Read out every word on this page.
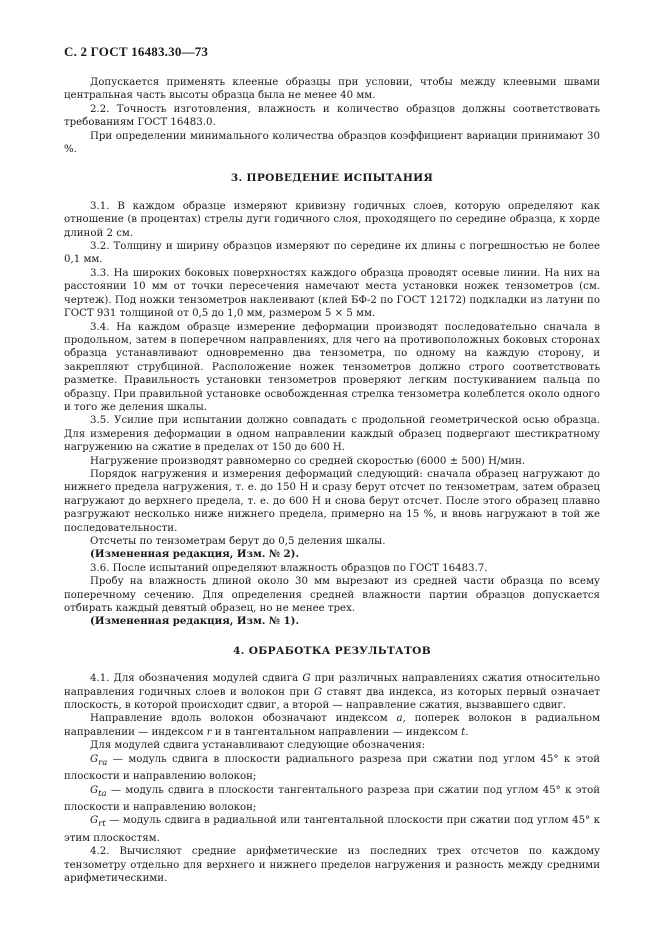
С. 2 ГОСТ 16483.30—73

Допускается применять клееные образцы при условии, чтобы между клеевыми швами центральная часть высоты образца была не менее 40 мм.

2.2. Точность изготовления, влажность и количество образцов должны соответствовать требованиям ГОСТ 16483.0.

При определении минимального количества образцов коэффициент вариации принимают 30 %.

3. ПРОВЕДЕНИЕ ИСПЫТАНИЯ

3.1. В каждом образце измеряют кривизну годичных слоев, которую определяют как отношение (в процентах) стрелы дуги годичного слоя, проходящего по середине образца, к хорде длиной 2 см.

3.2. Толщину и ширину образцов измеряют по середине их длины с погрешностью не более 0,1 мм.

3.3. На широких боковых поверхностях каждого образца проводят осевые линии. На них на расстоянии 10 мм от точки пересечения намечают места установки ножек тензометров (см. чертеж). Под ножки тензометров наклеивают (клей БФ-2 по ГОСТ 12172) подкладки из латуни по ГОСТ 931 толщиной от 0,5 до 1,0 мм, размером 5 × 5 мм.

3.4. На каждом образце измерение деформации производят последовательно сначала в продольном, затем в поперечном направлениях, для чего на противоположных боковых сторонах образца устанавливают одновременно два тензометра, по одному на каждую сторону, и закрепляют струбциной. Расположение ножек тензометров должно строго соответствовать разметке. Правильность установки тензометров проверяют легким постукиванием пальца по образцу. При правильной установке освобожденная стрелка тензометра колеблется около одного и того же деления шкалы.

3.5. Усилие при испытании должно совпадать с продольной геометрической осью образца. Для измерения деформации в одном направлении каждый образец подвергают шестикратному нагружению на сжатие в пределах от 150 до 600 Н.

Нагружение производят равномерно со средней скоростью (6000 ± 500) Н/мин.

Порядок нагружения и измерения деформаций следующий: сначала образец нагружают до нижнего предела нагружения, т. е. до 150 Н и сразу берут отсчет по тензометрам, затем образец нагружают до верхнего предела, т. е. до 600 Н и снова берут отсчет. После этого образец плавно разгружают несколько ниже нижнего предела, примерно на 15 %, и вновь нагружают в той же последовательности.

Отсчеты по тензометрам берут до 0,5 деления шкалы.

(Измененная редакция, Изм. № 2).

3.6. После испытаний определяют влажность образцов по ГОСТ 16483.7.

Пробу на влажность длиной около 30 мм вырезают из средней части образца по всему поперечному сечению. Для определения средней влажности партии образцов допускается отбирать каждый девятый образец, но не менее трех.

(Измененная редакция, Изм. № 1).

4. ОБРАБОТКА РЕЗУЛЬТАТОВ

4.1. Для обозначения модулей сдвига G при различных направлениях сжатия относительно направления годичных слоев и волокон при G ставят два индекса, из которых первый означает плоскость, в которой происходит сдвиг, а второй — направление сжатия, вызвавшего сдвиг.

Направление вдоль волокон обозначают индексом a, поперек волокон в радиальном направлении — индексом r и в тангентальном направлении — индексом t.

Для модулей сдвига устанавливают следующие обозначения:

$G_{ra}$ — модуль сдвига в плоскости радиального разреза при сжатии под углом 45° к этой плоскости и направлению волокон;

$G_{ta}$ — модуль сдвига в плоскости тангентального разреза при сжатии под углом 45° к этой плоскости и направлению волокон;

$G_{rt}$ — модуль сдвига в радиальной или тангентальной плоскости при сжатии под углом 45° к этим плоскостям.

4.2. Вычисляют средние арифметические из последних трех отсчетов по каждому тензометру отдельно для верхнего и нижнего пределов нагружения и разность между средними арифметическими.
